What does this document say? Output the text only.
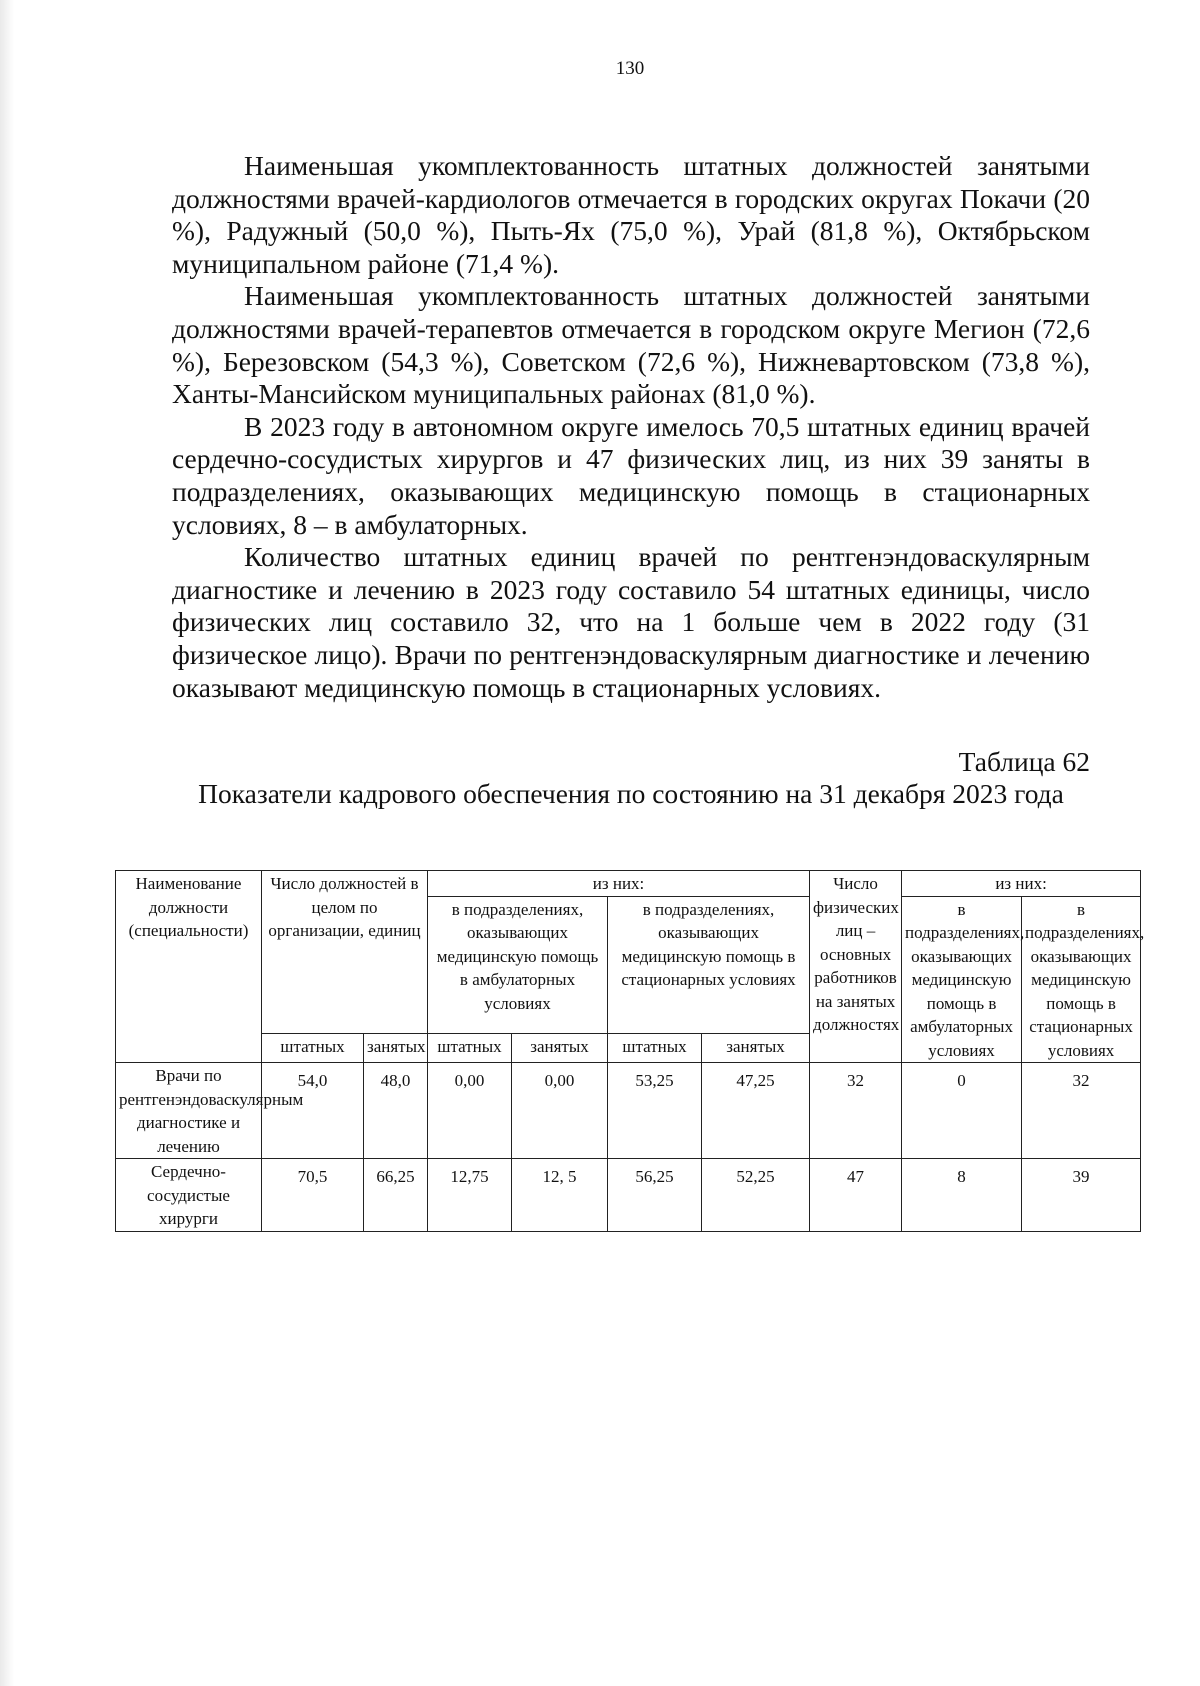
130

Наименьшая укомплектованность штатных должностей занятыми должностями врачей-кардиологов отмечается в городских округах Покачи (20 %), Радужный (50,0 %), Пыть-Ях (75,0 %), Урай (81,8 %), Октябрьском муниципальном районе (71,4 %).

Наименьшая укомплектованность штатных должностей занятыми должностями врачей-терапевтов отмечается в городском округе Мегион (72,6 %), Березовском (54,3 %), Советском (72,6 %), Нижневартовском (73,8 %), Ханты-Мансийском муниципальных районах (81,0 %).

В 2023 году в автономном округе имелось 70,5 штатных единиц врачей сердечно-сосудистых хирургов и 47 физических лиц, из них 39 заняты в подразделениях, оказывающих медицинскую помощь в стационарных условиях, 8 – в амбулаторных.

Количество штатных единиц врачей по рентгенэндоваскулярным диагностике и лечению в 2023 году составило 54 штатных единицы, число физических лиц составило 32, что на 1 больше чем в 2022 году (31 физическое лицо). Врачи по рентгенэндоваскулярным диагностике и лечению оказывают медицинскую помощь в стационарных условиях.

Таблица 62
Показатели кадрового обеспечения по состоянию на 31 декабря 2023 года
Наименование должности (специальности)	Число должностей в целом по организации, единиц		из них:				Число физических лиц – основных работников на занятых должностях	из них:	
			в подразделениях, оказывающих медицинскую помощь в амбулаторных условиях		в подразделениях, оказывающих медицинскую помощь в стационарных условиях			в подразделениях, оказывающих медицинскую помощь в амбулаторных условиях	в подразделениях, оказывающих медицинскую помощь в стационарных условиях
	штатных	занятых	штатных	занятых	штатных	занятых			
Врачи по рентгенэндоваскулярным диагностике и лечению	54,0	48,0	0,00	0,00	53,25	47,25	32	0	32
Сердечно-сосудистые хирурги	70,5	66,25	12,75	12, 5	56,25	52,25	47	8	39
